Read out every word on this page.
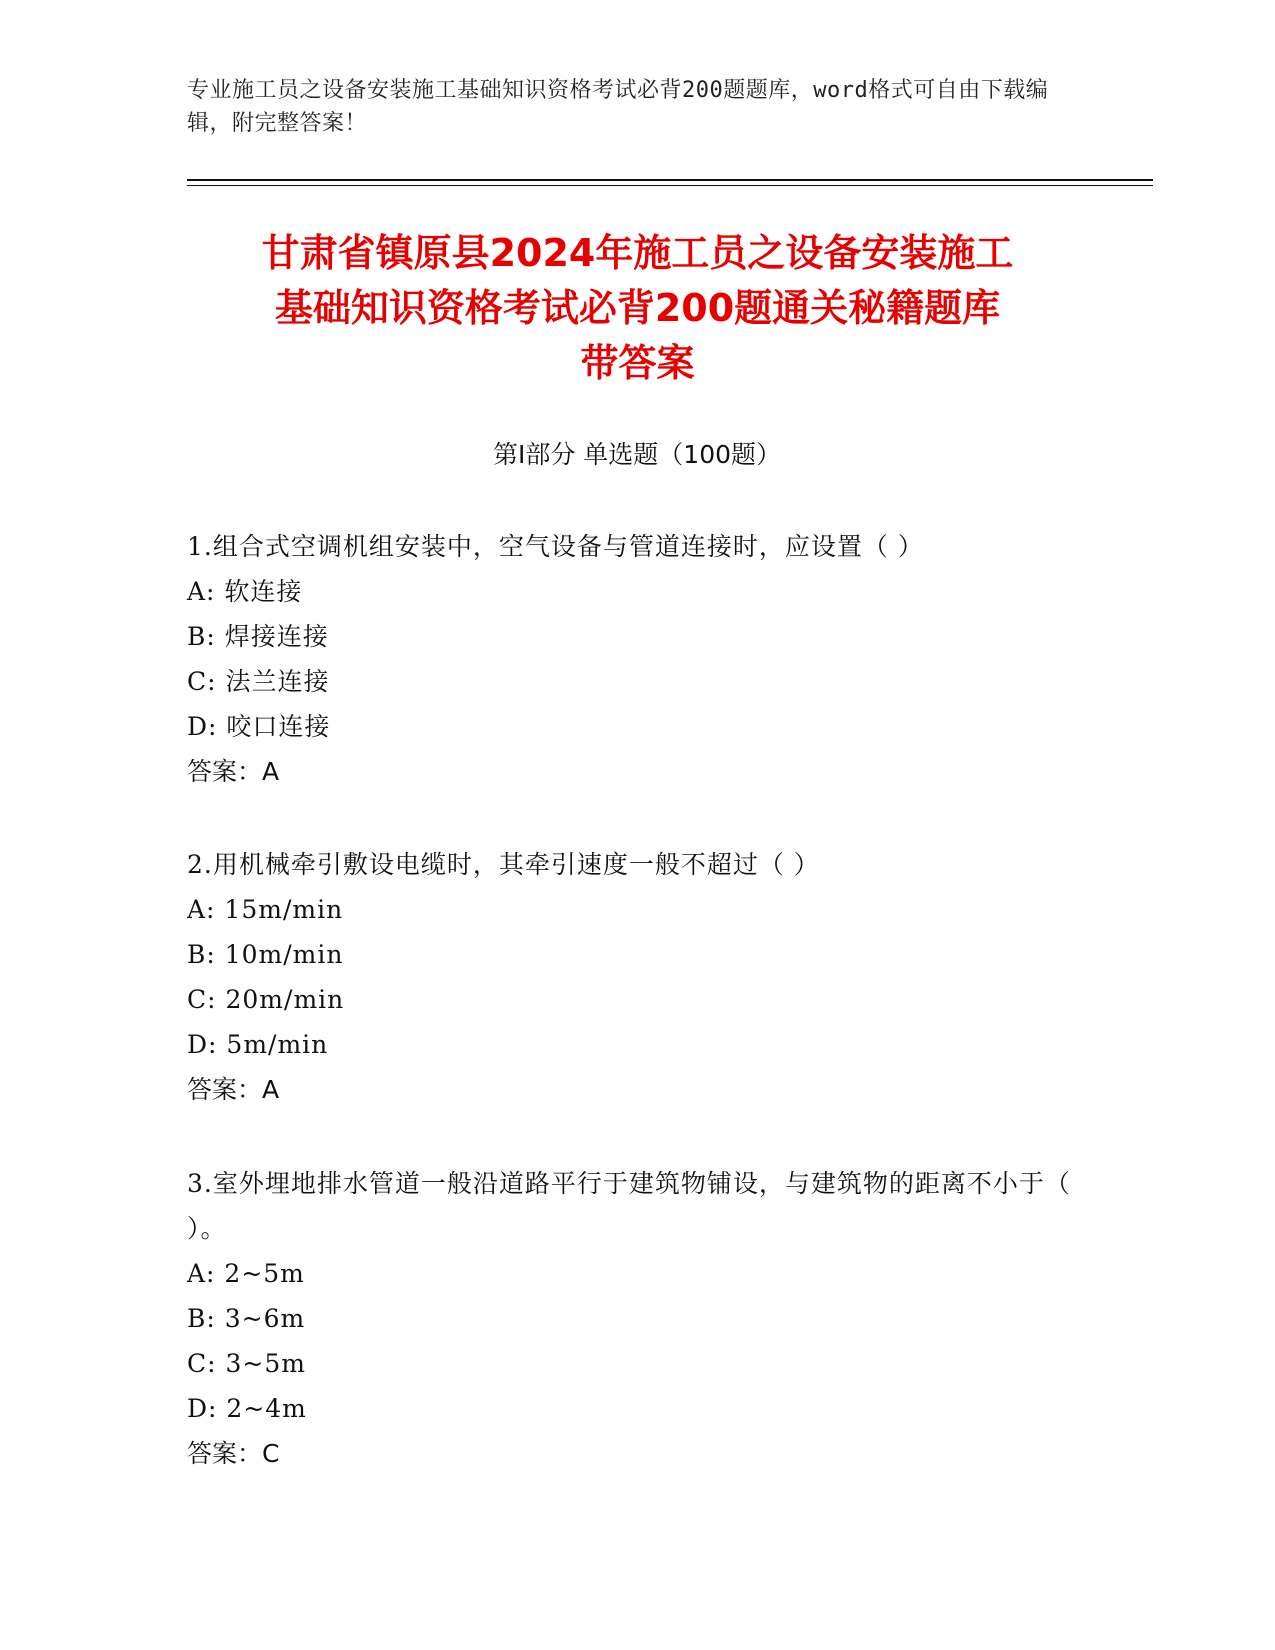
专业施工员之设备安装施工基础知识资格考试必背200题题库，word格式可自由下载编辑，附完整答案！
甘肃省镇原县2024年施工员之设备安装施工
基础知识资格考试必背200题通关秘籍题库
带答案
第Ⅰ部分 单选题（100题）

1.组合式空调机组安装中，空气设备与管道连接时，应设置（ ）

A: 软连接

B: 焊接连接

C: 法兰连接

D: 咬口连接

答案：A

2.用机械牵引敷设电缆时，其牵引速度一般不超过（ ）

A: 15m/min

B: 10m/min

C: 20m/min

D: 5m/min

答案：A

3.室外埋地排水管道一般沿道路平行于建筑物铺设，与建筑物的距离不小于（ ）。

A: 2~5m

B: 3~6m

C: 3~5m

D: 2~4m

答案：C
